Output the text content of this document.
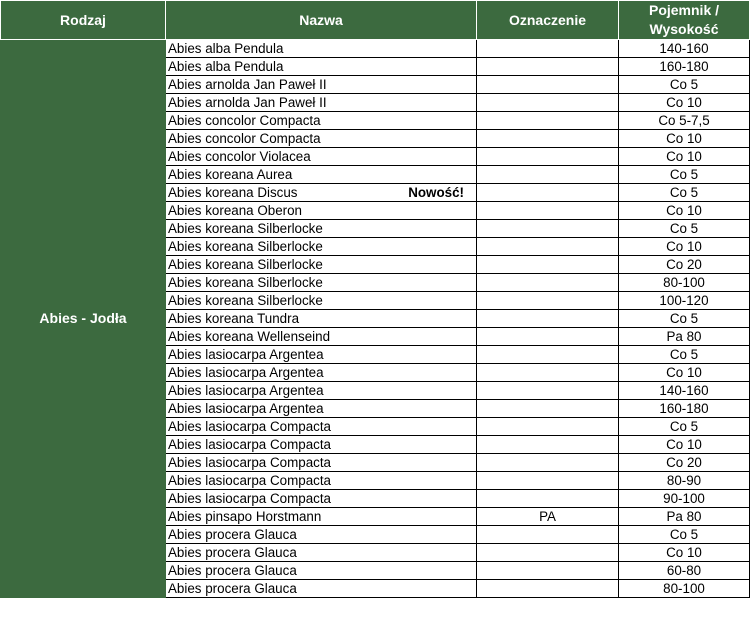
Rodzaj	Nazwa	Oznaczenie	Pojemnik /
Wysokość
Abies - Jodła	Abies alba Pendula		140-160

	Abies alba Pendula		160-180

	Abies arnolda Jan Paweł II		Co 5

	Abies arnolda Jan Paweł II		Co 10

	Abies concolor Compacta		Co 5-7,5

	Abies concolor Compacta		Co 10

	Abies concolor Violacea		Co 10

	Abies koreana Aurea		Co 5

	Abies koreana Discus Nowość!		Co 5

	Abies koreana Oberon		Co 10

	Abies koreana Silberlocke		Co 5

	Abies koreana Silberlocke		Co 10

	Abies koreana Silberlocke		Co 20

	Abies koreana Silberlocke		80-100

	Abies koreana Silberlocke		100-120

	Abies koreana Tundra		Co 5

	Abies koreana Wellenseind		Pa 80

	Abies lasiocarpa Argentea		Co 5

	Abies lasiocarpa Argentea		Co 10

	Abies lasiocarpa Argentea		140-160

	Abies lasiocarpa Argentea		160-180

	Abies lasiocarpa Compacta		Co 5

	Abies lasiocarpa Compacta		Co 10

	Abies lasiocarpa Compacta		Co 20

	Abies lasiocarpa Compacta		80-90

	Abies lasiocarpa Compacta		90-100

	Abies pinsapo Horstmann	PA	Pa 80

	Abies procera Glauca		Co 5

	Abies procera Glauca		Co 10

	Abies procera Glauca		60-80

	Abies procera Glauca		80-100
